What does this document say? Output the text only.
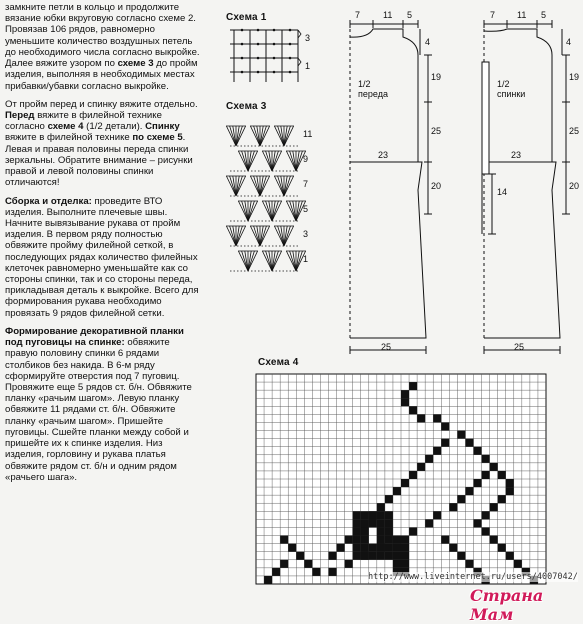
замкните петли в кольцо и продолжите вязание юбки вкруговую согласно схеме 2. Провязав 106 рядов, равномерно уменьшите количество воздушных петель до необходимого числа согласно выкройке. Далее вяжите узором по схеме 3 до пройм изделия, выполняя в необходимых местах прибавки/убавки согласно выкройке.

От пройм перед и спинку вяжите отдельно. Перед вяжите в филейной технике согласно схеме 4 (1/2 детали). Спинку вяжите в филейной технике по схеме 5. Левая и правая половины переда спинки зеркальны. Обратите внимание – рисунки правой и левой половины спинки отличаются!

Сборка и отделка: проведите ВТО изделия. Выполните плечевые швы. Начните вывязывание рукава от пройм изделия. В первом ряду полностью обвяжите пройму филейной сеткой, в последующих рядах количество филейных клеточек равномерно уменьшайте как со стороны спинки, так и со стороны переда, прикладывая деталь к выкройке. Всего для формирования рукава необходимо провязать 9 рядов филейной сетки.

Формирование декоративной планки под пуговицы на спинке: обвяжите правую половину спинки 6 рядами столбиков без накида. В 6-м ряду сформируйте отверстия под 7 пуговиц. Провяжите еще 5 рядов ст. б/н. Обвяжите планку «рачьим шагом». Левую планку обвяжите 11 рядами ст. б/н. Обвяжите планку «рачьим шагом». Пришейте пуговицы. Сшейте планки между собой и пришейте их к спинке изделия. Низ изделия, горловину и рукава платья обвяжите рядом ст. б/н и одним рядом «рачьего шага».

Схема 1
3
1
Схема 3
11
9
7
5
3
1
7	11 5	7 11 5
1/2
переда
1/2
спинки
4
19
25
20
4
19
25
20
23	23
14
25	25
Схема 4
http://www.liveinternet.ru/users/4007042/
Страна Мам
